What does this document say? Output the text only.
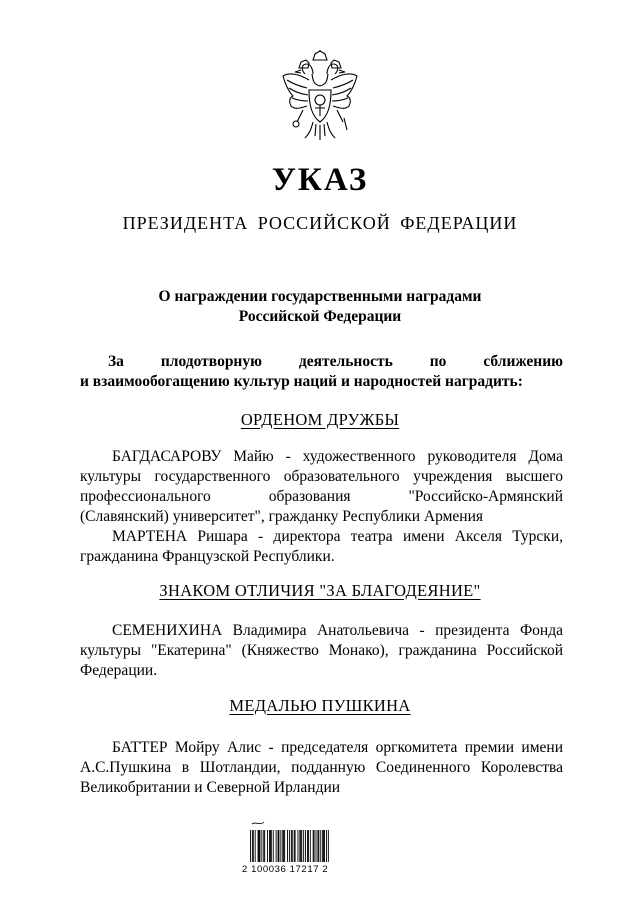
УКАЗ
ПРЕЗИДЕНТА РОССИЙСКОЙ ФЕДЕРАЦИИ
О награждении государственными наградами
Российской Федерации
За плодотворную деятельность по сближению
и взаимообогащению культур наций и народностей наградить:
ОРДЕНОМ ДРУЖБЫ
БАГДАСАРОВУ Майю - художественного руководителя Дома
культуры государственного образовательного учреждения высшего
профессионального образования "Российско-Армянский
(Славянский) университет", гражданку Республики Армения
МАРТЕНА Ришара - директора театра имени Акселя Турски,
гражданина Французской Республики.
ЗНАКОМ ОТЛИЧИЯ "ЗА БЛАГОДЕЯНИЕ"
СЕМЕНИХИНА Владимира Анатольевича - президента Фонда
культуры "Екатерина" (Княжество Монако), гражданина Российской
Федерации.
МЕДАЛЬЮ ПУШКИНА
БАТТЕР Мойру Алис - председателя оргкомитета премии имени
А.С.Пушкина в Шотландии, подданную Соединенного Королевства
Великобритании и Северной Ирландии
2 100036 17217 2
